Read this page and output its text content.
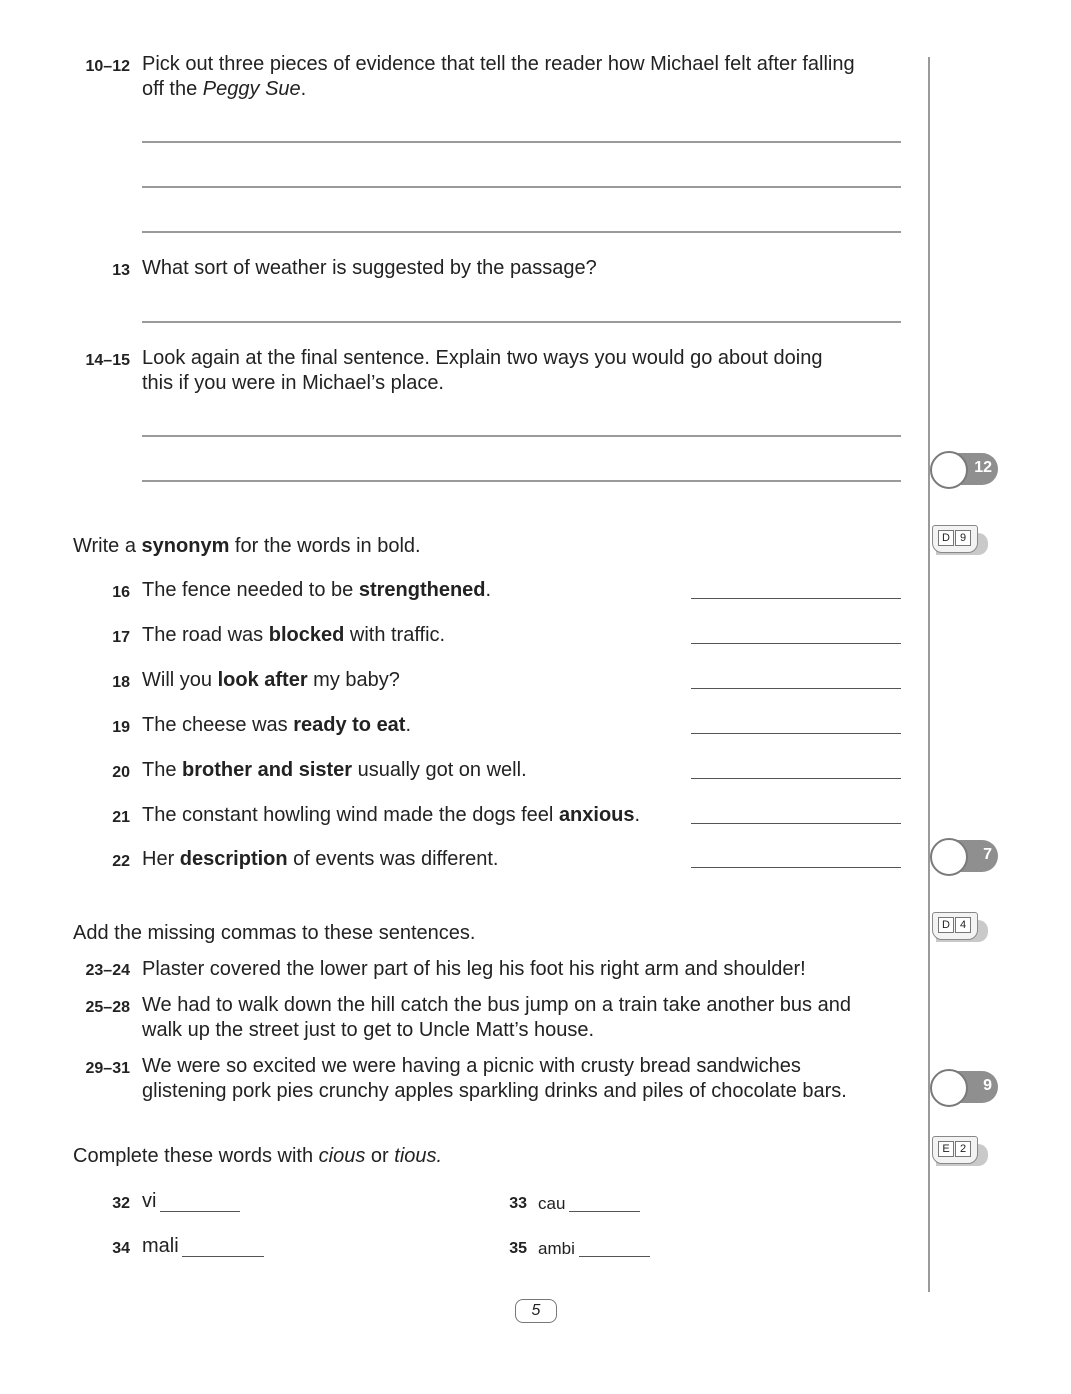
10–12 Pick out three pieces of evidence that tell the reader how Michael felt after falling
off the Peggy Sue.
13 What sort of weather is suggested by the passage?
14–15 Look again at the final sentence. Explain two ways you would go about doing
this if you were in Michael’s place.
Write a synonym for the words in bold.
16 The fence needed to be strengthened.
17 The road was blocked with traffic.
18 Will you look after my baby?
19 The cheese was ready to eat.
20 The brother and sister usually got on well.
21 The constant howling wind made the dogs feel anxious.
22 Her description of events was different.
Add the missing commas to these sentences.
23–24 Plaster covered the lower part of his leg his foot his right arm and shoulder!
25–28 We had to walk down the hill catch the bus jump on a train take another bus and
walk up the street just to get to Uncle Matt’s house.
29–31 We were so excited we were having a picnic with crusty bread sandwiches
glistening pork pies crunchy apples sparkling drinks and piles of chocolate bars.
Complete these words with cious or tious.
32 vi	33 cau
34 mali	35 ambi
12
D 9
7
D 4
9
E 2
5
